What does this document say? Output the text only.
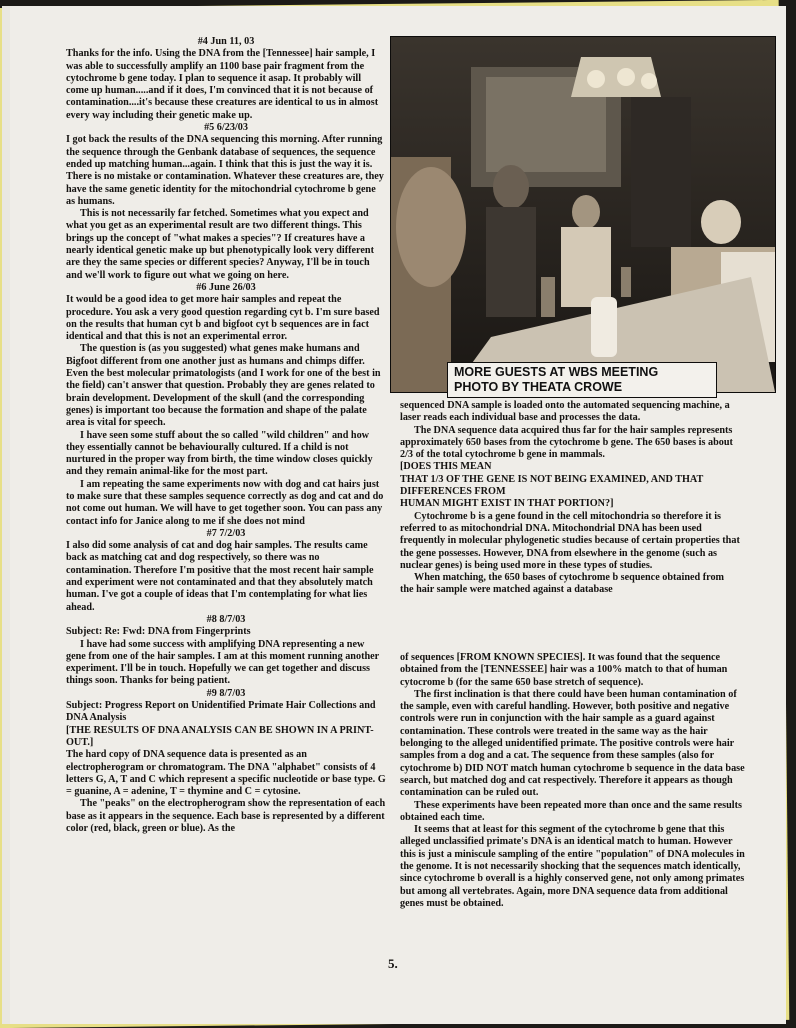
#4 Jun 11, 03

Thanks for the info. Using the DNA from the [Tennessee] hair sample, I was able to successfully amplify an 1100 base pair fragment from the cytochrome b gene today. I plan to sequence it asap. It probably will come up human.....and if it does, I'm convinced that it is not because of contamination....it's because these creatures are identical to us in almost every way including their genetic make up.

#5 6/23/03

I got back the results of the DNA sequencing this morning. After running the sequence through the Genbank database of sequences, the sequence ended up matching human...again. I think that this is just the way it is. There is no mistake or contamination. Whatever these creatures are, they have the same genetic identity for the mitochondrial cytochrome b gene as humans.

This is not necessarily far fetched. Sometimes what you expect and what you get as an experimental result are two different things. This brings up the concept of "what makes a species"? If creatures have a nearly identical genetic make up but phenotypically look very different are they the same species or different species? Anyway, I'll be in touch and we'll work to figure out what we going on here.

#6 June 26/03

It would be a good idea to get more hair samples and repeat the procedure. You ask a very good question regarding cyt b. I'm sure based on the results that human cyt b and bigfoot cyt b sequences are in fact identical and that this is not an experimental error.

The question is (as you suggested) what genes make humans and Bigfoot different from one another just as humans and chimps differ. Even the best molecular primatologists (and I work for one of the best in the field) can't answer that question. Probably they are genes related to brain development. Development of the skull (and the corresponding genes) is important too because the formation and shape of the palate area is vital for speech.

I have seen some stuff about the so called "wild children" and how they essentially cannot be behaviourally cultured. If a child is not nurtured in the proper way from birth, the time window closes quickly and they remain animal-like for the most part.

I am repeating the same experiments now with dog and cat hairs just to make sure that these samples sequence correctly as dog and cat and do not come out human. We will have to get together soon. You can pass any contact info for Janice along to me if she does not mind

#7 7/2/03

I also did some analysis of cat and dog hair samples. The results came back as matching cat and dog respectively, so there was no contamination. Therefore I'm positive that the most recent hair sample and experiment were not contaminated and that they absolutely match human. I've got a couple of ideas that I'm contemplating for what lies ahead.

#8 8/7/03

Subject: Re: Fwd: DNA from Fingerprints

I have had some success with amplifying DNA representing a new gene from one of the hair samples. I am at this moment running another experiment. I'll be in touch. Hopefully we can get together and discuss things soon. Thanks for being patient.

#9 8/7/03

Subject: Progress Report on Unidentified Primate Hair Collections and DNA Analysis

[THE RESULTS OF DNA ANALYSIS CAN BE SHOWN IN A PRINT-OUT.]

The hard copy of DNA sequence data is presented as an electropherogram or chromatogram. The DNA "alphabet" consists of 4 letters G, A, T and C which represent a specific nucleotide or base type. G = guanine, A = adenine, T = thymine and C = cytosine.

The "peaks" on the electropherogram show the representation of each base as it appears in the sequence. Each base is represented by a different color (red, black, green or blue). As the

MORE GUESTS AT WBS MEETING
PHOTO BY THEATA CROWE

sequenced DNA sample is loaded onto the automated sequencing machine, a laser reads each individual base and processes the data.

The DNA sequence data acquired thus far for the hair samples represents approximately 650 bases from the cytochrome b gene. The 650 bases is about 2/3 of the total cytochrome b gene in mammals.

[DOES THIS MEAN

THAT 1/3 OF THE GENE IS NOT BEING EXAMINED, AND THAT DIFFERENCES FROM

HUMAN MIGHT EXIST IN THAT PORTION?]

Cytochrome b is a gene found in the cell mitochondria so therefore it is referred to as mitochondrial DNA. Mitochondrial DNA has been used frequently in molecular phylogenetic studies because of certain properties that the gene possesses. However, DNA from elsewhere in the genome (such as nuclear genes) is being used more in these types of studies.

When matching, the 650 bases of cytochrome b sequence obtained from the hair sample were matched against a database

of sequences [FROM KNOWN SPECIES]. It was found that the sequence obtained from the [TENNESSEE] hair was a 100% match to that of human cytocrome b (for the same 650 base stretch of sequence).

The first inclination is that there could have been human contamination of the sample, even with careful handling. However, both positive and negative controls were run in conjunction with the hair sample as a guard against contamination. These controls were treated in the same way as the hair belonging to the alleged unidentified primate. The positive controls were hair samples from a dog and a cat. The sequence from these samples (also for cytochrome b) DID NOT match human cytochrome b sequence in the data base search, but matched dog and cat respectively. Therefore it appears as though contamination can be ruled out.

These experiments have been repeated more than once and the same results obtained each time.

It seems that at least for this segment of the cytochrome b gene that this alleged unclassified primate's DNA is an identical match to human. However this is just a miniscule sampling of the entire "population" of DNA molecules in the genome. It is not necessarily shocking that the sequences match identically, since cytochrome b overall is a highly conserved gene, not only among primates but among all vertebrates. Again, more DNA sequence data from additional genes must be obtained.

5.
